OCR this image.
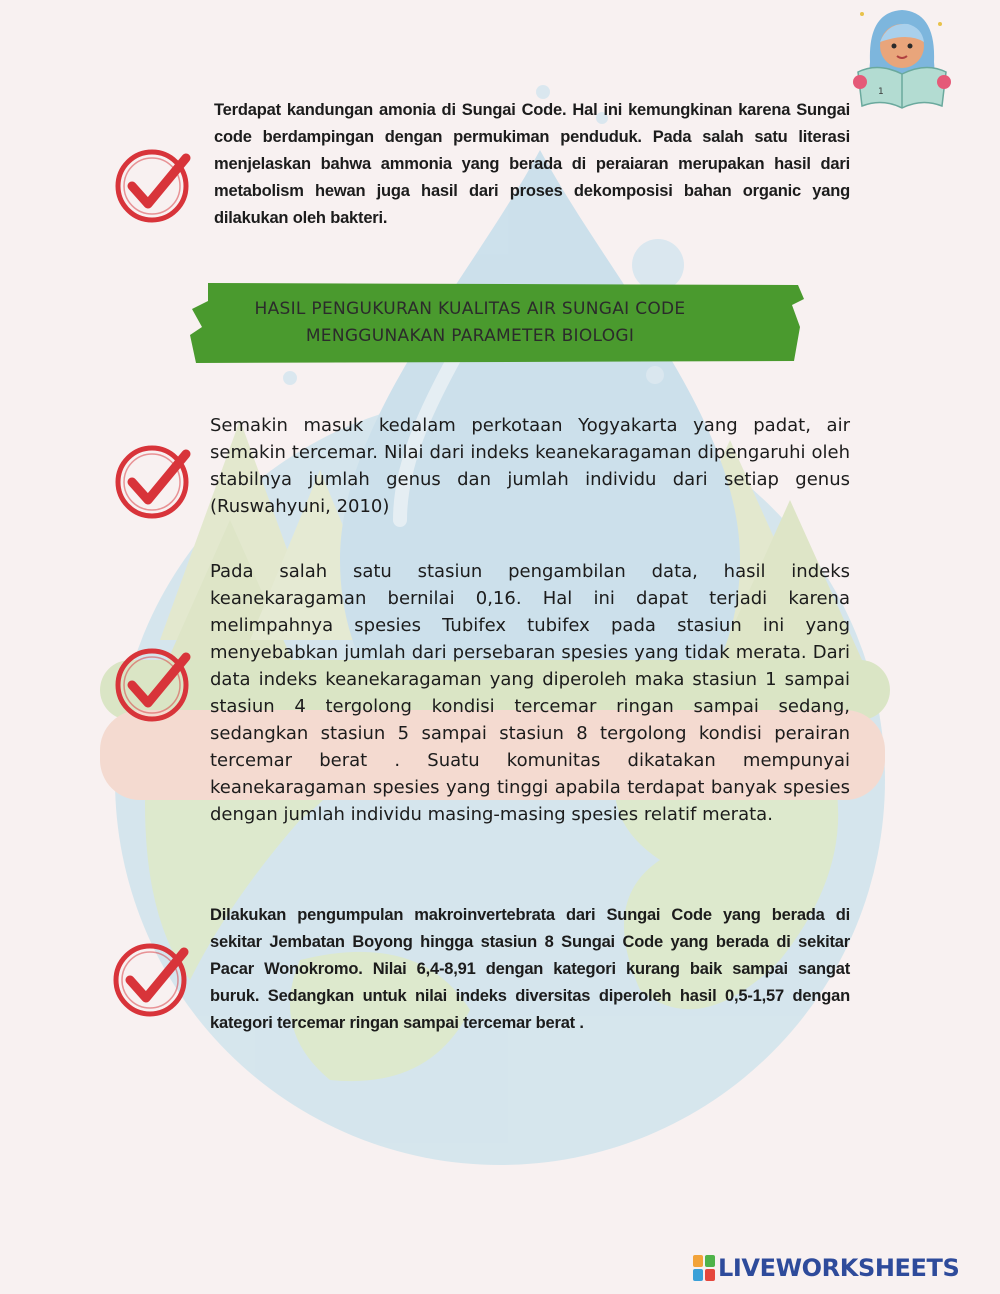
1

Terdapat kandungan amonia di Sungai Code. Hal ini kemungkinan karena Sungai code berdampingan dengan permukiman penduduk. Pada salah satu literasi menjelaskan bahwa ammonia yang berada di peraiaran merupakan hasil dari metabolism hewan juga hasil dari proses dekomposisi bahan organic yang dilakukan oleh bakteri.

HASIL PENGUKURAN KUALITAS AIR SUNGAI CODE
MENGGUNAKAN PARAMETER BIOLOGI

Semakin masuk kedalam perkotaan Yogyakarta yang padat, air semakin tercemar. Nilai dari indeks keanekaragaman dipengaruhi oleh stabilnya jumlah genus dan jumlah individu dari setiap genus (Ruswahyuni, 2010)

Pada salah satu stasiun pengambilan data, hasil indeks keanekaragaman bernilai 0,16. Hal ini dapat terjadi karena melimpahnya spesies Tubifex tubifex pada stasiun ini yang menyebabkan jumlah dari persebaran spesies yang tidak merata. Dari data indeks keanekaragaman yang diperoleh maka stasiun 1 sampai stasiun 4 tergolong kondisi tercemar ringan sampai sedang, sedangkan stasiun 5 sampai stasiun 8 tergolong kondisi perairan tercemar berat . Suatu komunitas dikatakan mempunyai keanekaragaman spesies yang tinggi apabila terdapat banyak spesies dengan jumlah individu masing-masing spesies relatif merata.

Dilakukan pengumpulan makroinvertebrata dari Sungai Code yang berada di sekitar Jembatan Boyong hingga stasiun 8 Sungai Code yang berada di sekitar Pacar Wonokromo. Nilai 6,4-8,91 dengan kategori kurang baik sampai sangat buruk. Sedangkan untuk nilai indeks diversitas diperoleh hasil 0,5-1,57 dengan kategori tercemar ringan sampai tercemar berat .

LIVEWORKSHEETS
